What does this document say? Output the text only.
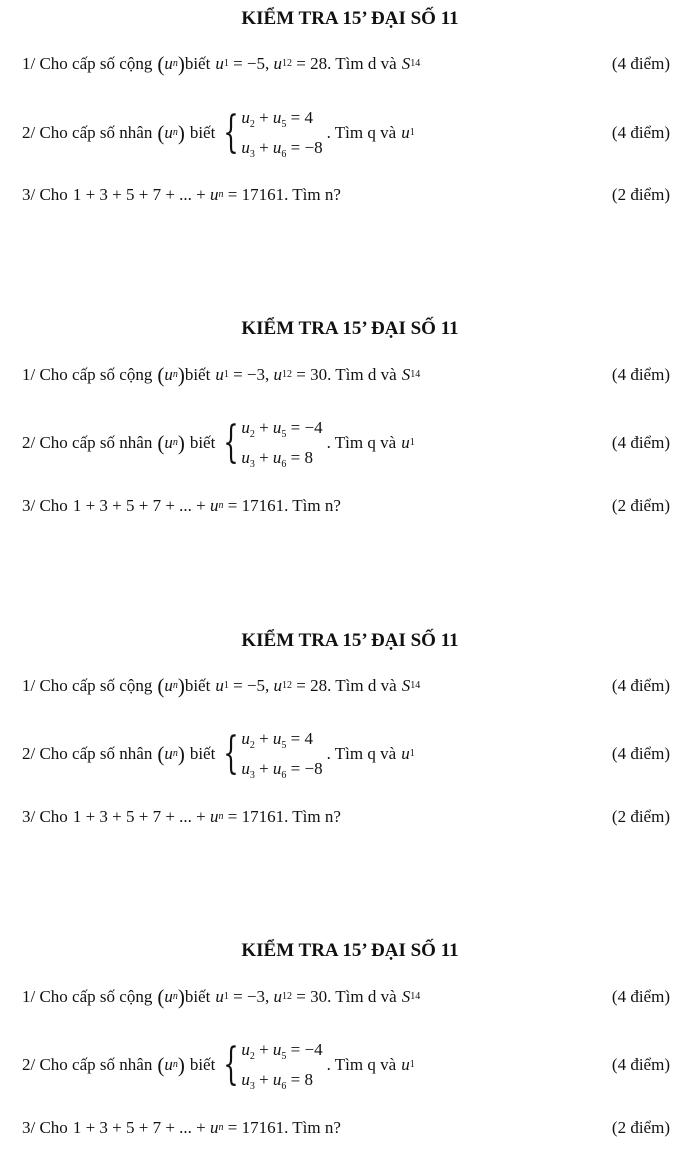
KIỂM TRA 15’ ĐẠI SỐ 11
1/ Cho cấp số cộng ( u n ) biết u 1 = −5 , u 12 = 28 . Tìm d và S 14	(4 điểm)
2/ Cho cấp số nhân ( u n ) biết { $u_2 + u_5 = 4$
$u_3 + u_6 = -8$
. Tìm q và u 1	(4 điểm)
3/ Cho 1 + 3 + 5 + 7 + ... +
u n
= 17161 . Tìm n?	(2 điểm)
KIỂM TRA 15’ ĐẠI SỐ 11
1/ Cho cấp số cộng ( u n ) biết u 1 = −3 , u 12 = 30 . Tìm d và S 14	(4 điểm)
2/ Cho cấp số nhân ( u n ) biết { $u_2 + u_5 = -4$
$u_3 + u_6 = 8$
. Tìm q và u 1	(4 điểm)
3/ Cho 1 + 3 + 5 + 7 + ... +
u n
= 17161 . Tìm n?	(2 điểm)
KIỂM TRA 15’ ĐẠI SỐ 11
1/ Cho cấp số cộng ( u n ) biết u 1 = −5 , u 12 = 28 . Tìm d và S 14	(4 điểm)
2/ Cho cấp số nhân ( u n ) biết { $u_2 + u_5 = 4$
$u_3 + u_6 = -8$
. Tìm q và u 1	(4 điểm)
3/ Cho 1 + 3 + 5 + 7 + ... +
u n
= 17161 . Tìm n?	(2 điểm)
KIỂM TRA 15’ ĐẠI SỐ 11
1/ Cho cấp số cộng ( u n ) biết u 1 = −3 , u 12 = 30 . Tìm d và S 14	(4 điểm)
2/ Cho cấp số nhân ( u n ) biết { $u_2 + u_5 = -4$
$u_3 + u_6 = 8$
. Tìm q và u 1	(4 điểm)
3/ Cho 1 + 3 + 5 + 7 + ... +
u n
= 17161 . Tìm n?	(2 điểm)
